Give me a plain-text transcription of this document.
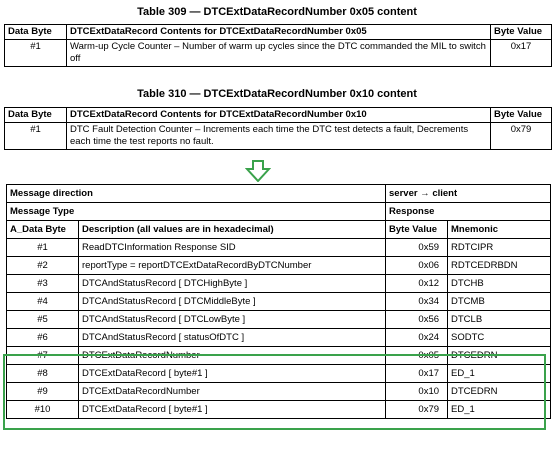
Table 309 — DTCExtDataRecordNumber 0x05 content
Data Byte	DTCExtDataRecord Contents for DTCExtDataRecordNumber 0x05	Byte Value
#1	Warm-up Cycle Counter – Number of warm up cycles since the DTC commanded the MIL to switch off	0x17
Table 310 — DTCExtDataRecordNumber 0x10 content
Data Byte	DTCExtDataRecord Contents for DTCExtDataRecordNumber 0x10	Byte Value
#1	DTC Fault Detection Counter – Increments each time the DTC test detects a fault, Decrements each time the test reports no fault.	0x79
Message direction		server → client	
Message Type		Response	
A_Data Byte	Description (all values are in hexadecimal)	Byte Value	Mnemonic
#1	ReadDTCInformation Response SID	0x59	RDTCIPR
#2	reportType = reportDTCExtDataRecordByDTCNumber	0x06	RDTCEDRBDN
#3	DTCAndStatusRecord [ DTCHighByte ]	0x12	DTCHB
#4	DTCAndStatusRecord [ DTCMiddleByte ]	0x34	DTCMB
#5	DTCAndStatusRecord [ DTCLowByte ]	0x56	DTCLB
#6	DTCAndStatusRecord [ statusOfDTC ]	0x24	SODTC
#7	DTCExtDataRecordNumber	0x05	DTCEDRN
#8	DTCExtDataRecord [ byte#1 ]	0x17	ED_1
#9	DTCExtDataRecordNumber	0x10	DTCEDRN
#10	DTCExtDataRecord [ byte#1 ]	0x79	ED_1
